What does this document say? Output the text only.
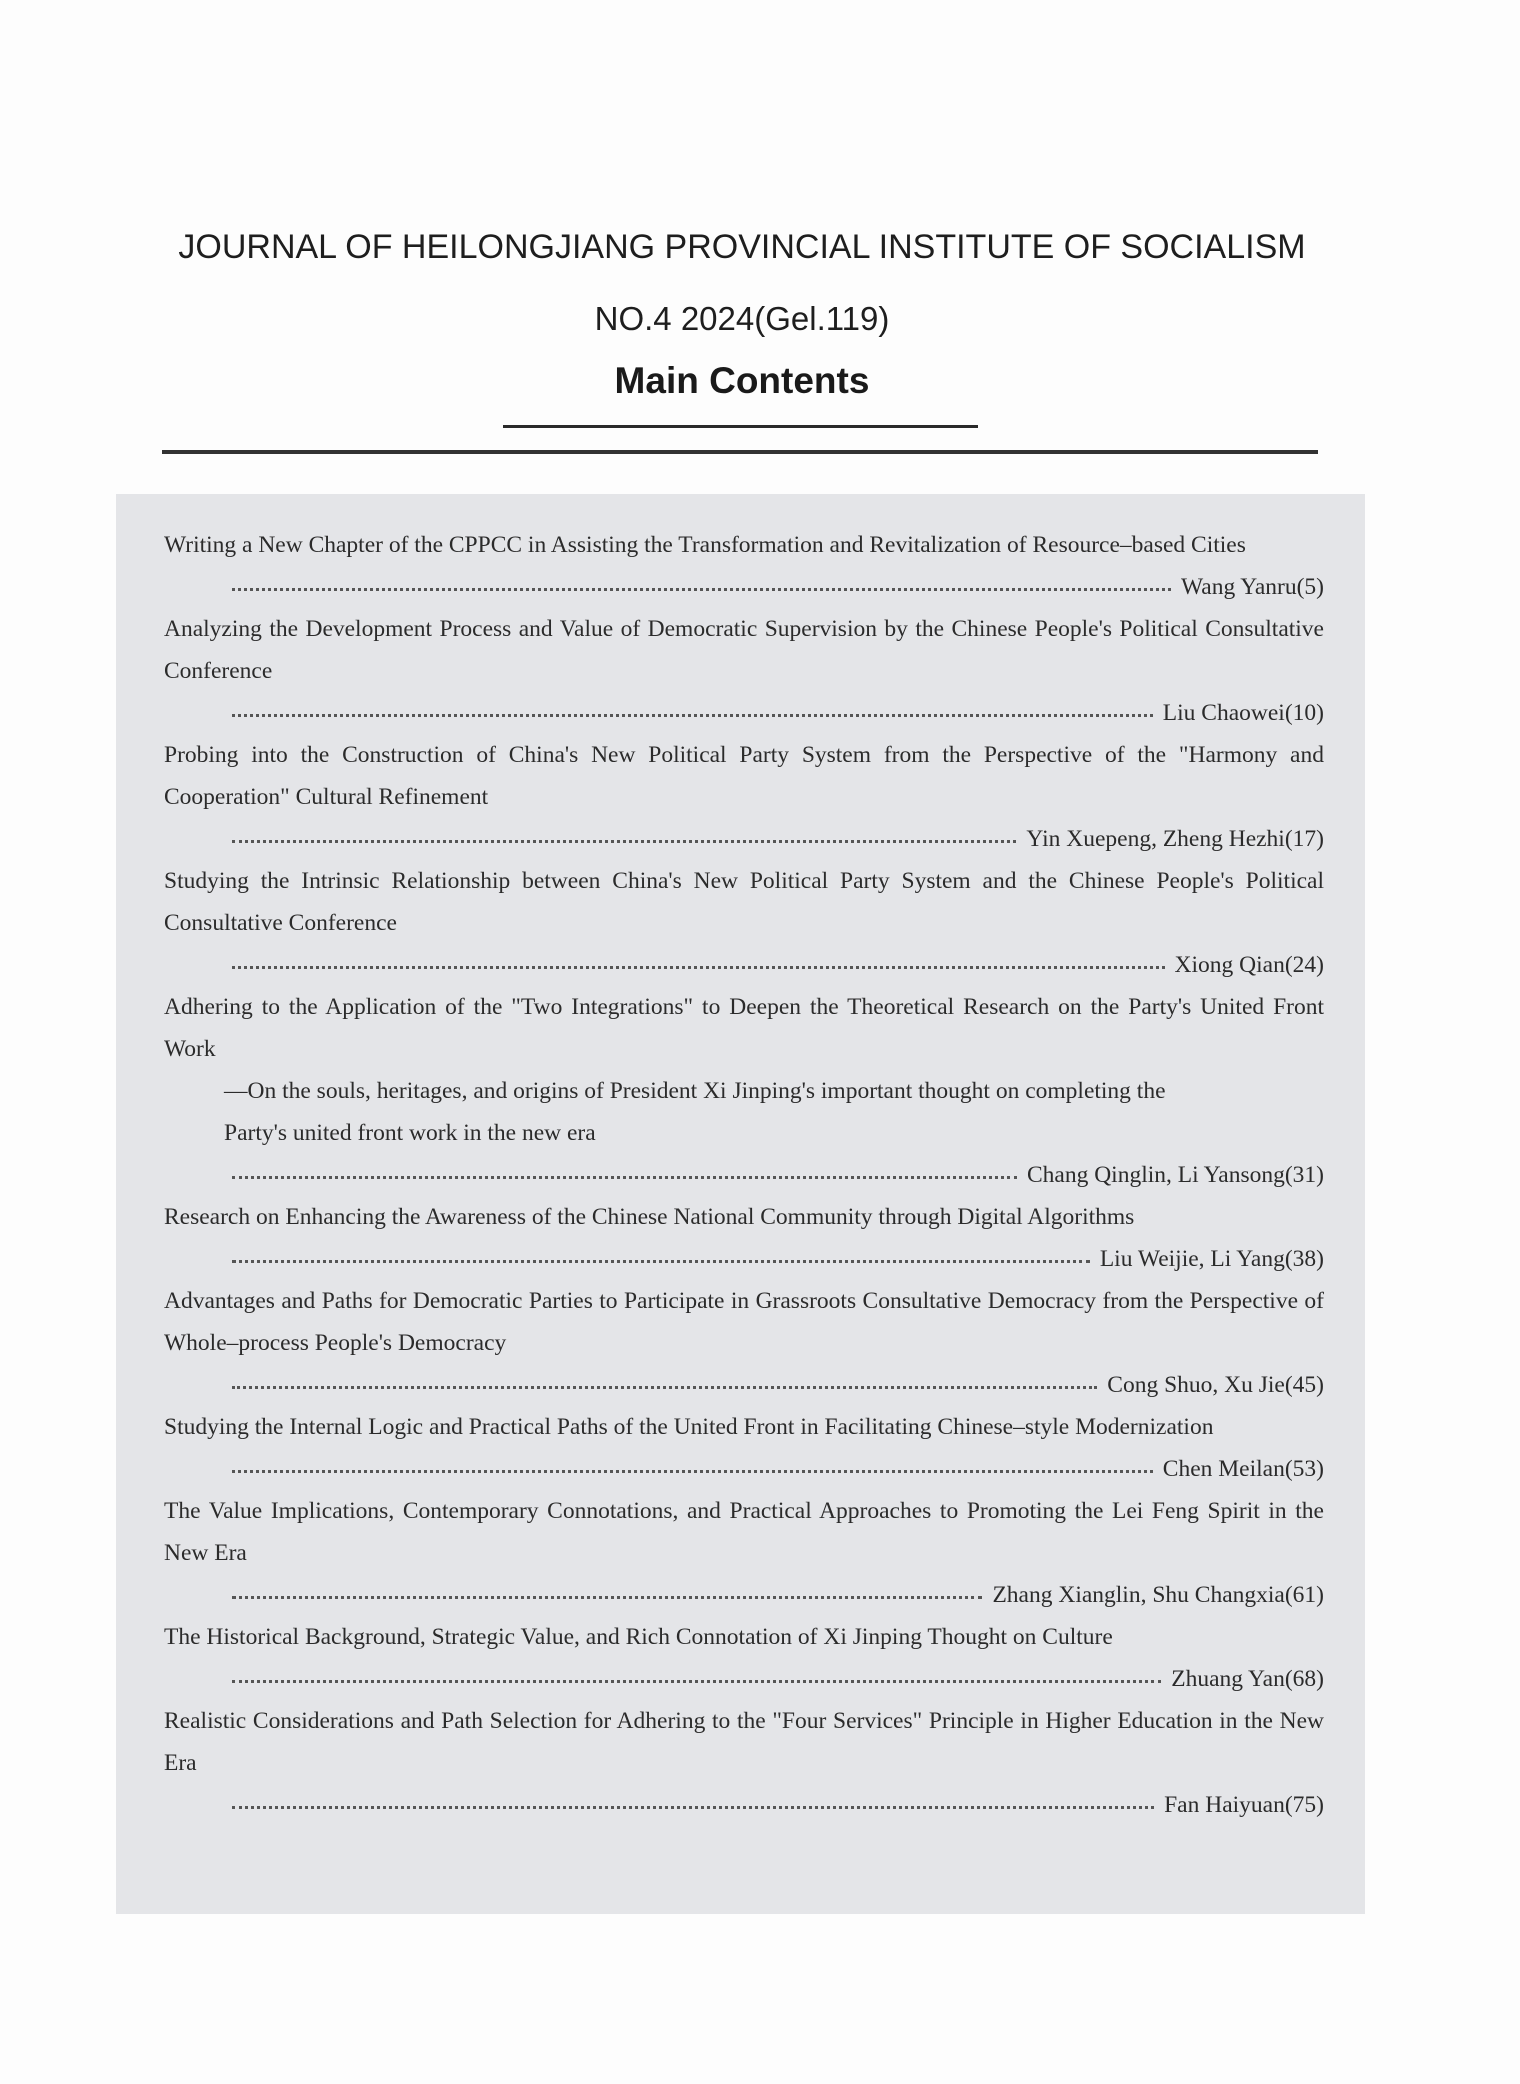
JOURNAL OF HEILONGJIANG PROVINCIAL INSTITUTE OF SOCIALISM
NO.4 2024(Gel.119)
Main Contents
Writing a New Chapter of the CPPCC in Assisting the Transformation and Revitalization of Resource–based Cities
Wang Yanru(5)
Analyzing the Development Process and Value of Democratic Supervision by the Chinese People's Political Consultative Conference
Liu Chaowei(10)
Probing into the Construction of China's New Political Party System from the Perspective of the "Harmony and Cooperation" Cultural Refinement
Yin Xuepeng, Zheng Hezhi(17)
Studying the Intrinsic Relationship between China's New Political Party System and the Chinese People's Political Consultative Conference
Xiong Qian(24)
Adhering to the Application of the "Two Integrations" to Deepen the Theoretical Research on the Party's United Front Work
—On the souls, heritages, and origins of President Xi Jinping's important thought on completing the Party's united front work in the new era
Chang Qinglin, Li Yansong(31)
Research on Enhancing the Awareness of the Chinese National Community through Digital Algorithms
Liu Weijie, Li Yang(38)
Advantages and Paths for Democratic Parties to Participate in Grassroots Consultative Democracy from the Perspective of Whole–process People's Democracy
Cong Shuo, Xu Jie(45)
Studying the Internal Logic and Practical Paths of the United Front in Facilitating Chinese–style Modernization
Chen Meilan(53)
The Value Implications, Contemporary Connotations, and Practical Approaches to Promoting the Lei Feng Spirit in the New Era
Zhang Xianglin, Shu Changxia(61)
The Historical Background, Strategic Value, and Rich Connotation of Xi Jinping Thought on Culture
Zhuang Yan(68)
Realistic Considerations and Path Selection for Adhering to the "Four Services" Principle in Higher Education in the New Era
Fan Haiyuan(75)
